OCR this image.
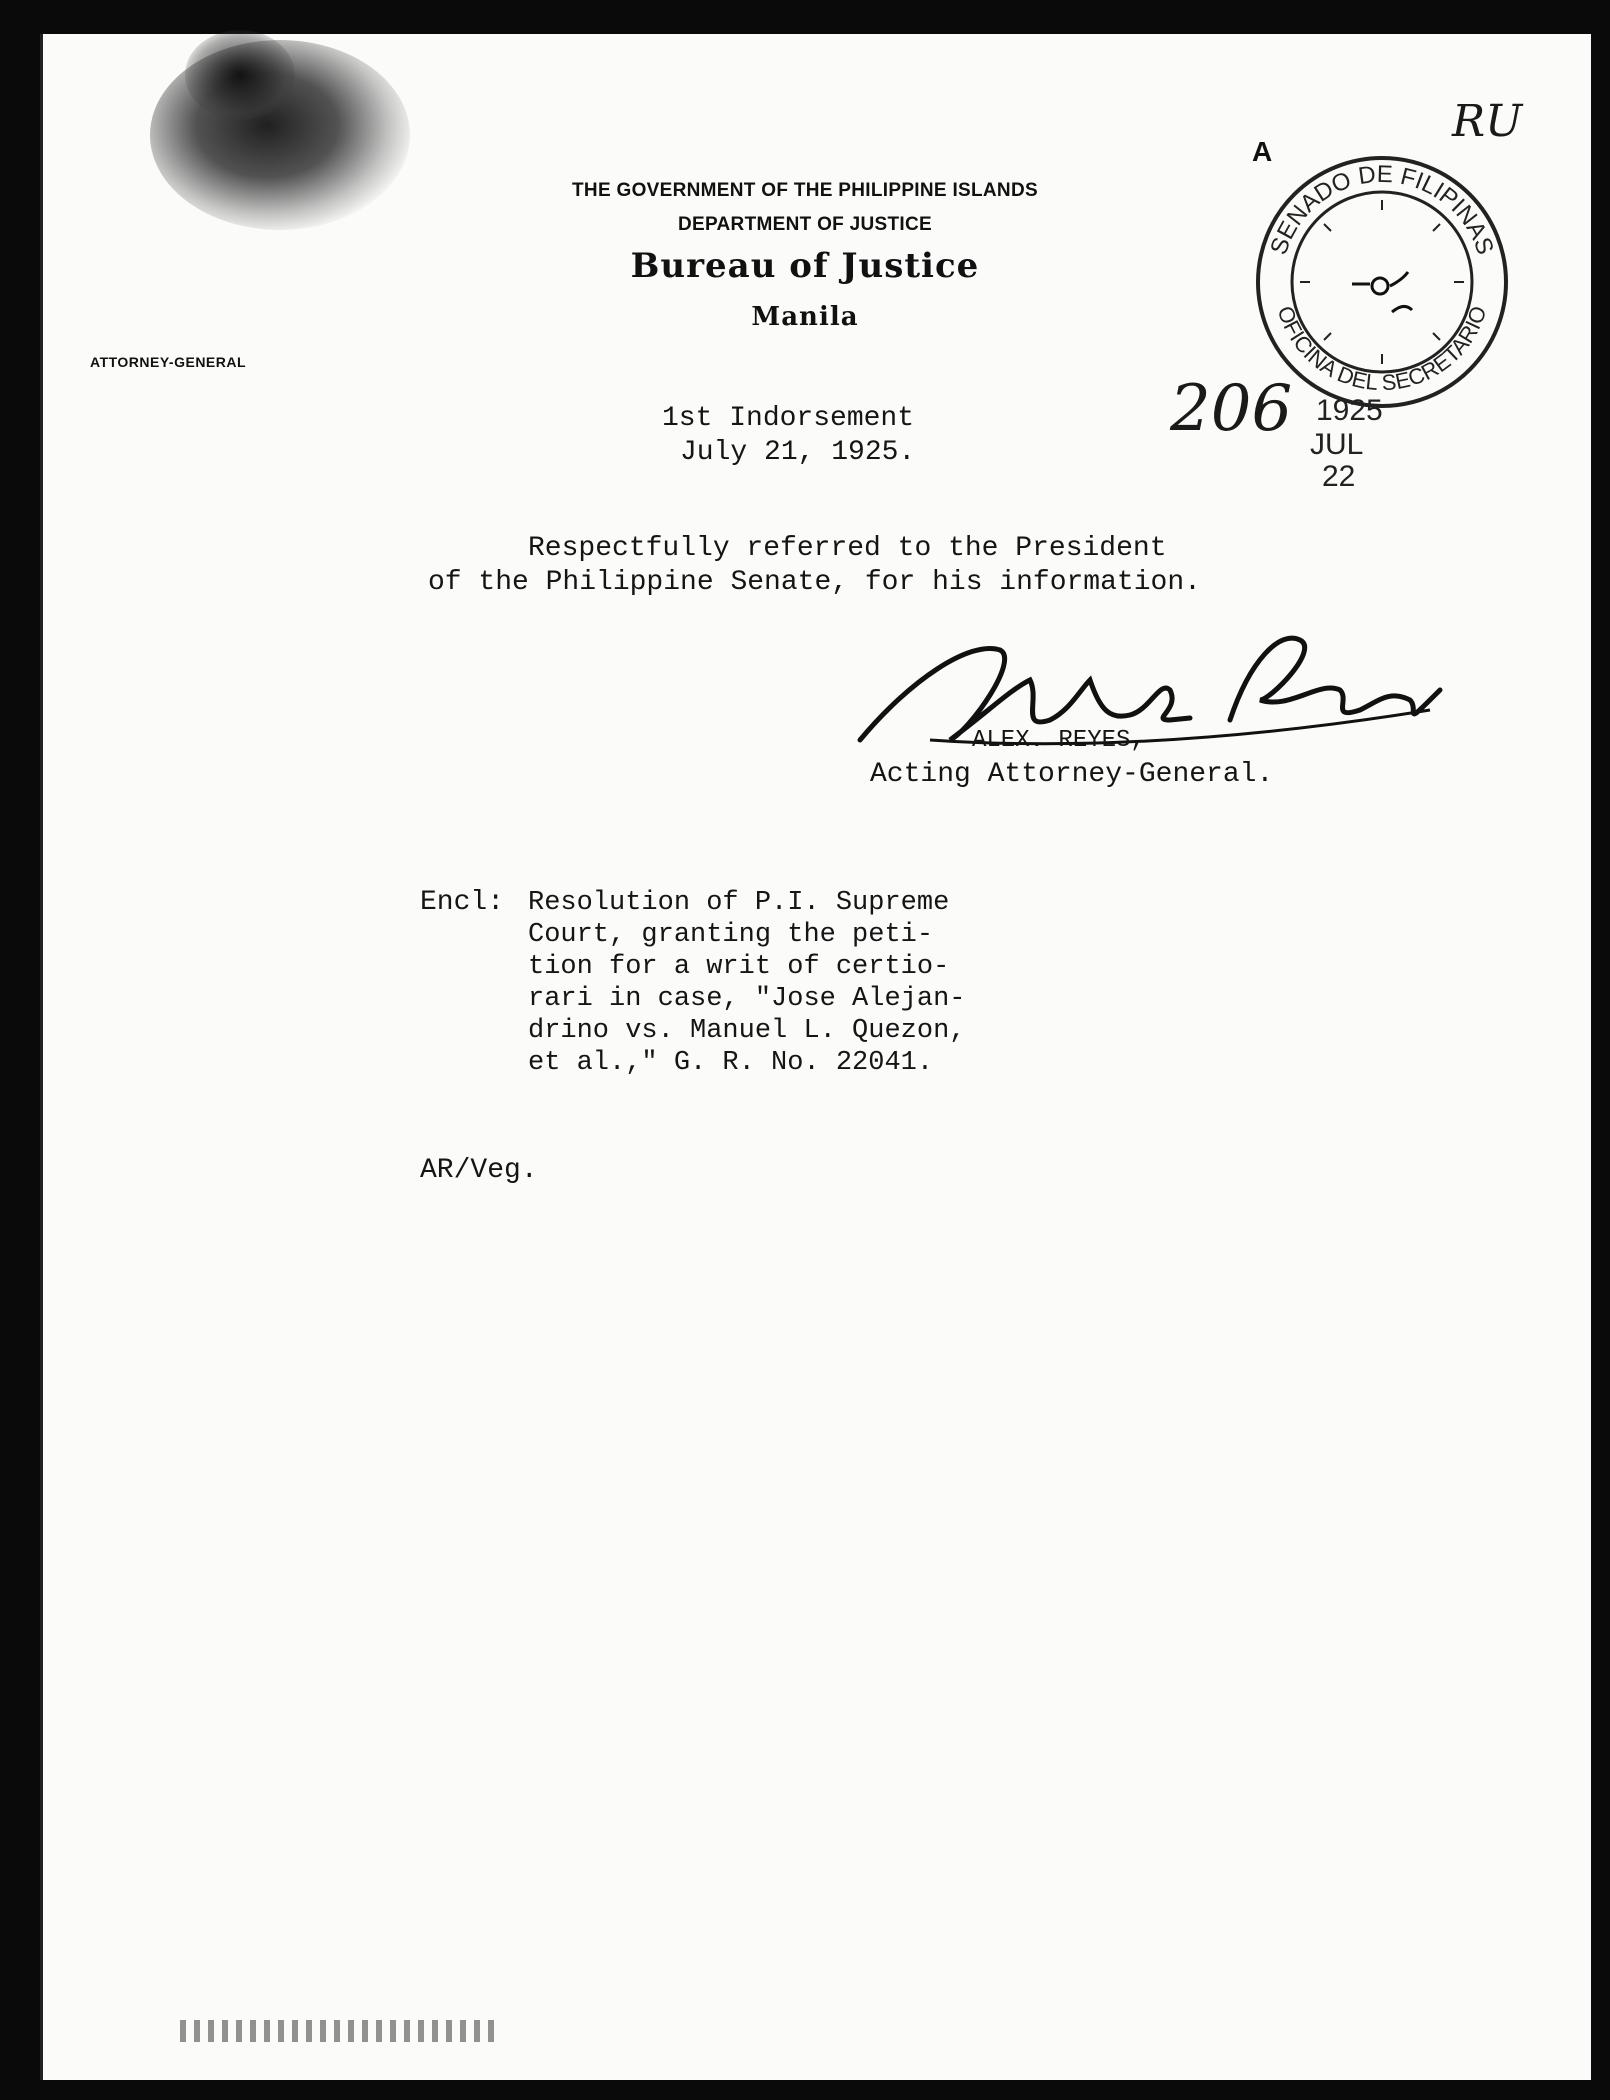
THE GOVERNMENT OF THE PHILIPPINE ISLANDS
DEPARTMENT OF JUSTICE
Bureau of Justice
Manila
ATTORNEY-GENERAL
A
SENADO DE FILIPINAS
OFICINA DEL SECRETARIO
1925
JUL
22
206
RU
1st Indorsement
July 21, 1925.
Respectfully referred to the President
of the Philippine Senate, for his information.
ALEX. REYES,
Acting Attorney-General.
Encl: Resolution of P.I. Supreme
Court, granting the peti-
tion for a writ of certio-
rari in case, "Jose Alejan-
drino vs. Manuel L. Quezon,
et al.," G. R. No. 22041.
AR/Veg.
